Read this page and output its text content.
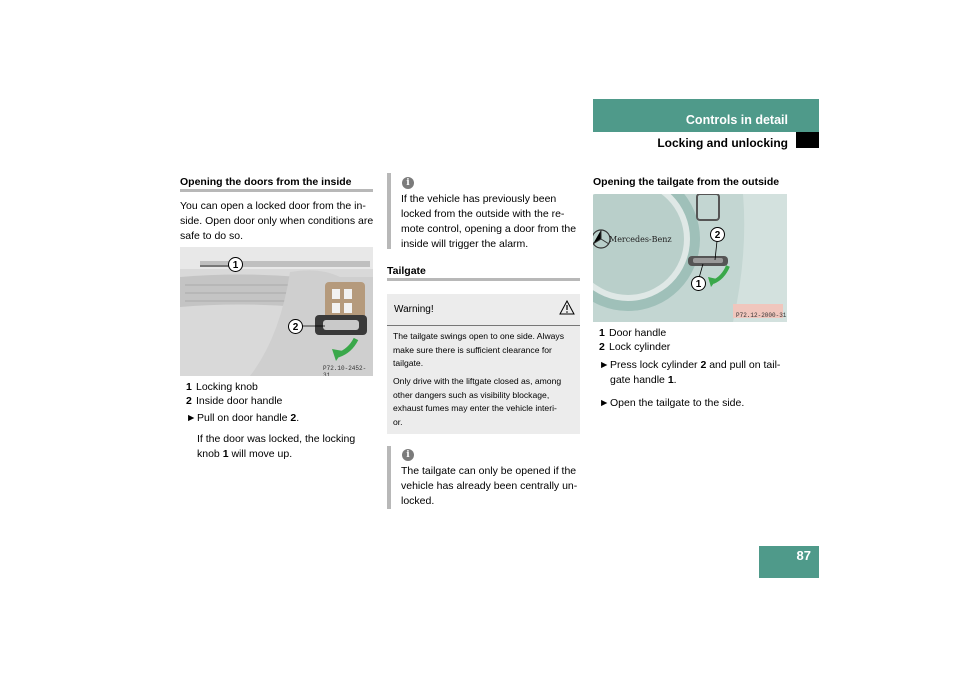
Controls in detail
Locking and unlocking
Opening the doors from the inside
You can open a locked door from the in-
side. Open door only when conditions are
safe to do so.
1
2
P72.10-2452-31
1 Locking knob
2 Inside door handle
► Pull on door handle 2.
If the door was locked, the locking
knob 1 will move up.
i
If the vehicle has previously been
locked from the outside with the re-
mote control, opening a door from the
inside will trigger the alarm.
Tailgate
Warning!
The tailgate swings open to one side. Always
make sure there is sufficient clearance for
tailgate.
Only drive with the liftgate closed as, among
other dangers such as visibility blockage,
exhaust fumes may enter the vehicle interi-
or.
i
The tailgate can only be opened if the
vehicle has already been centrally un-
locked.
Opening the tailgate from the outside
Mercedes-Benz	2
1
P72.12-2000-31
1 Door handle
2 Lock cylinder
► Press lock cylinder 2 and pull on tail-
gate handle 1.
► Open the tailgate to the side.
87
